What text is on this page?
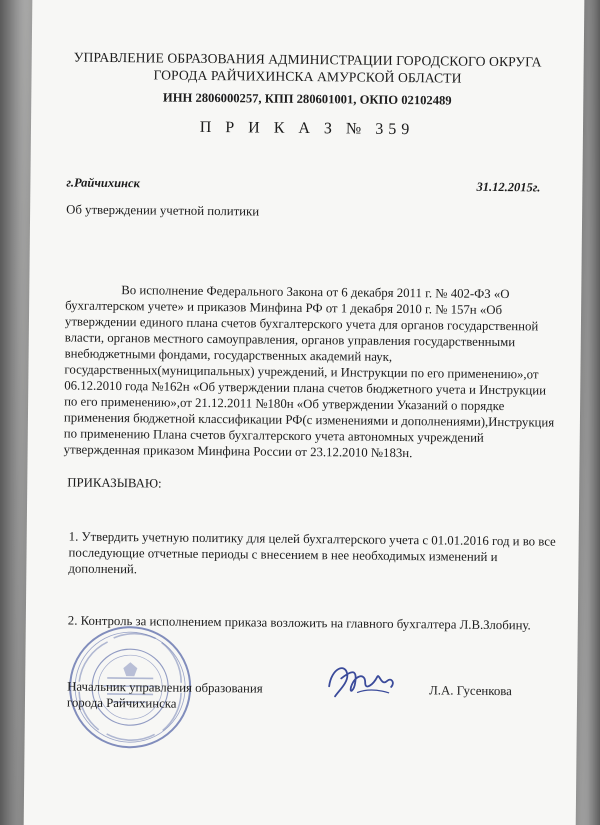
УПРАВЛЕНИЕ ОБРАЗОВАНИЯ АДМИНИСТРАЦИИ ГОРОДСКОГО ОКРУГА
ГОРОДА РАЙЧИХИНСКА АМУРСКОЙ ОБЛАСТИ
ИНН 2806000257, КПП 280601001, ОКПО 02102489
П Р И К А З № 359
г.Райчихинск	31.12.2015г.
Об утверждении учетной политики
Во исполнение Федерального Закона от 6 декабря 2011 г. № 402-ФЗ «О
бухгалтерском учете» и приказов Минфина РФ от 1 декабря 2010 г. № 157н «Об
утверждении единого плана счетов бухгалтерского учета для органов государственной
власти, органов местного самоуправления, органов управления государственными
внебюджетными фондами, государственных академий наук,
государственных(муниципальных) учреждений, и Инструкции по его применению»,от
06.12.2010 года №162н «Об утверждении плана счетов бюджетного учета и Инструкции
по его применению»,от 21.12.2011 №180н «Об утверждении Указаний о порядке
применения бюджетной классификации РФ(с изменениями и дополнениями),Инструкция
по применению Плана счетов бухгалтерского учета автономных учреждений
утвержденная приказом Минфина России от 23.12.2010 №183н.
ПРИКАЗЫВАЮ:
1. Утвердить учетную политику для целей бухгалтерского учета с 01.01.2016 год и во все
последующие отчетные периоды с внесением в нее необходимых изменений и
дополнений.
2. Контроль за исполнением приказа возложить на главного бухгалтера Л.В.Злобину.
Начальник управления образования
города Райчихинска
Л.А. Гусенкова
